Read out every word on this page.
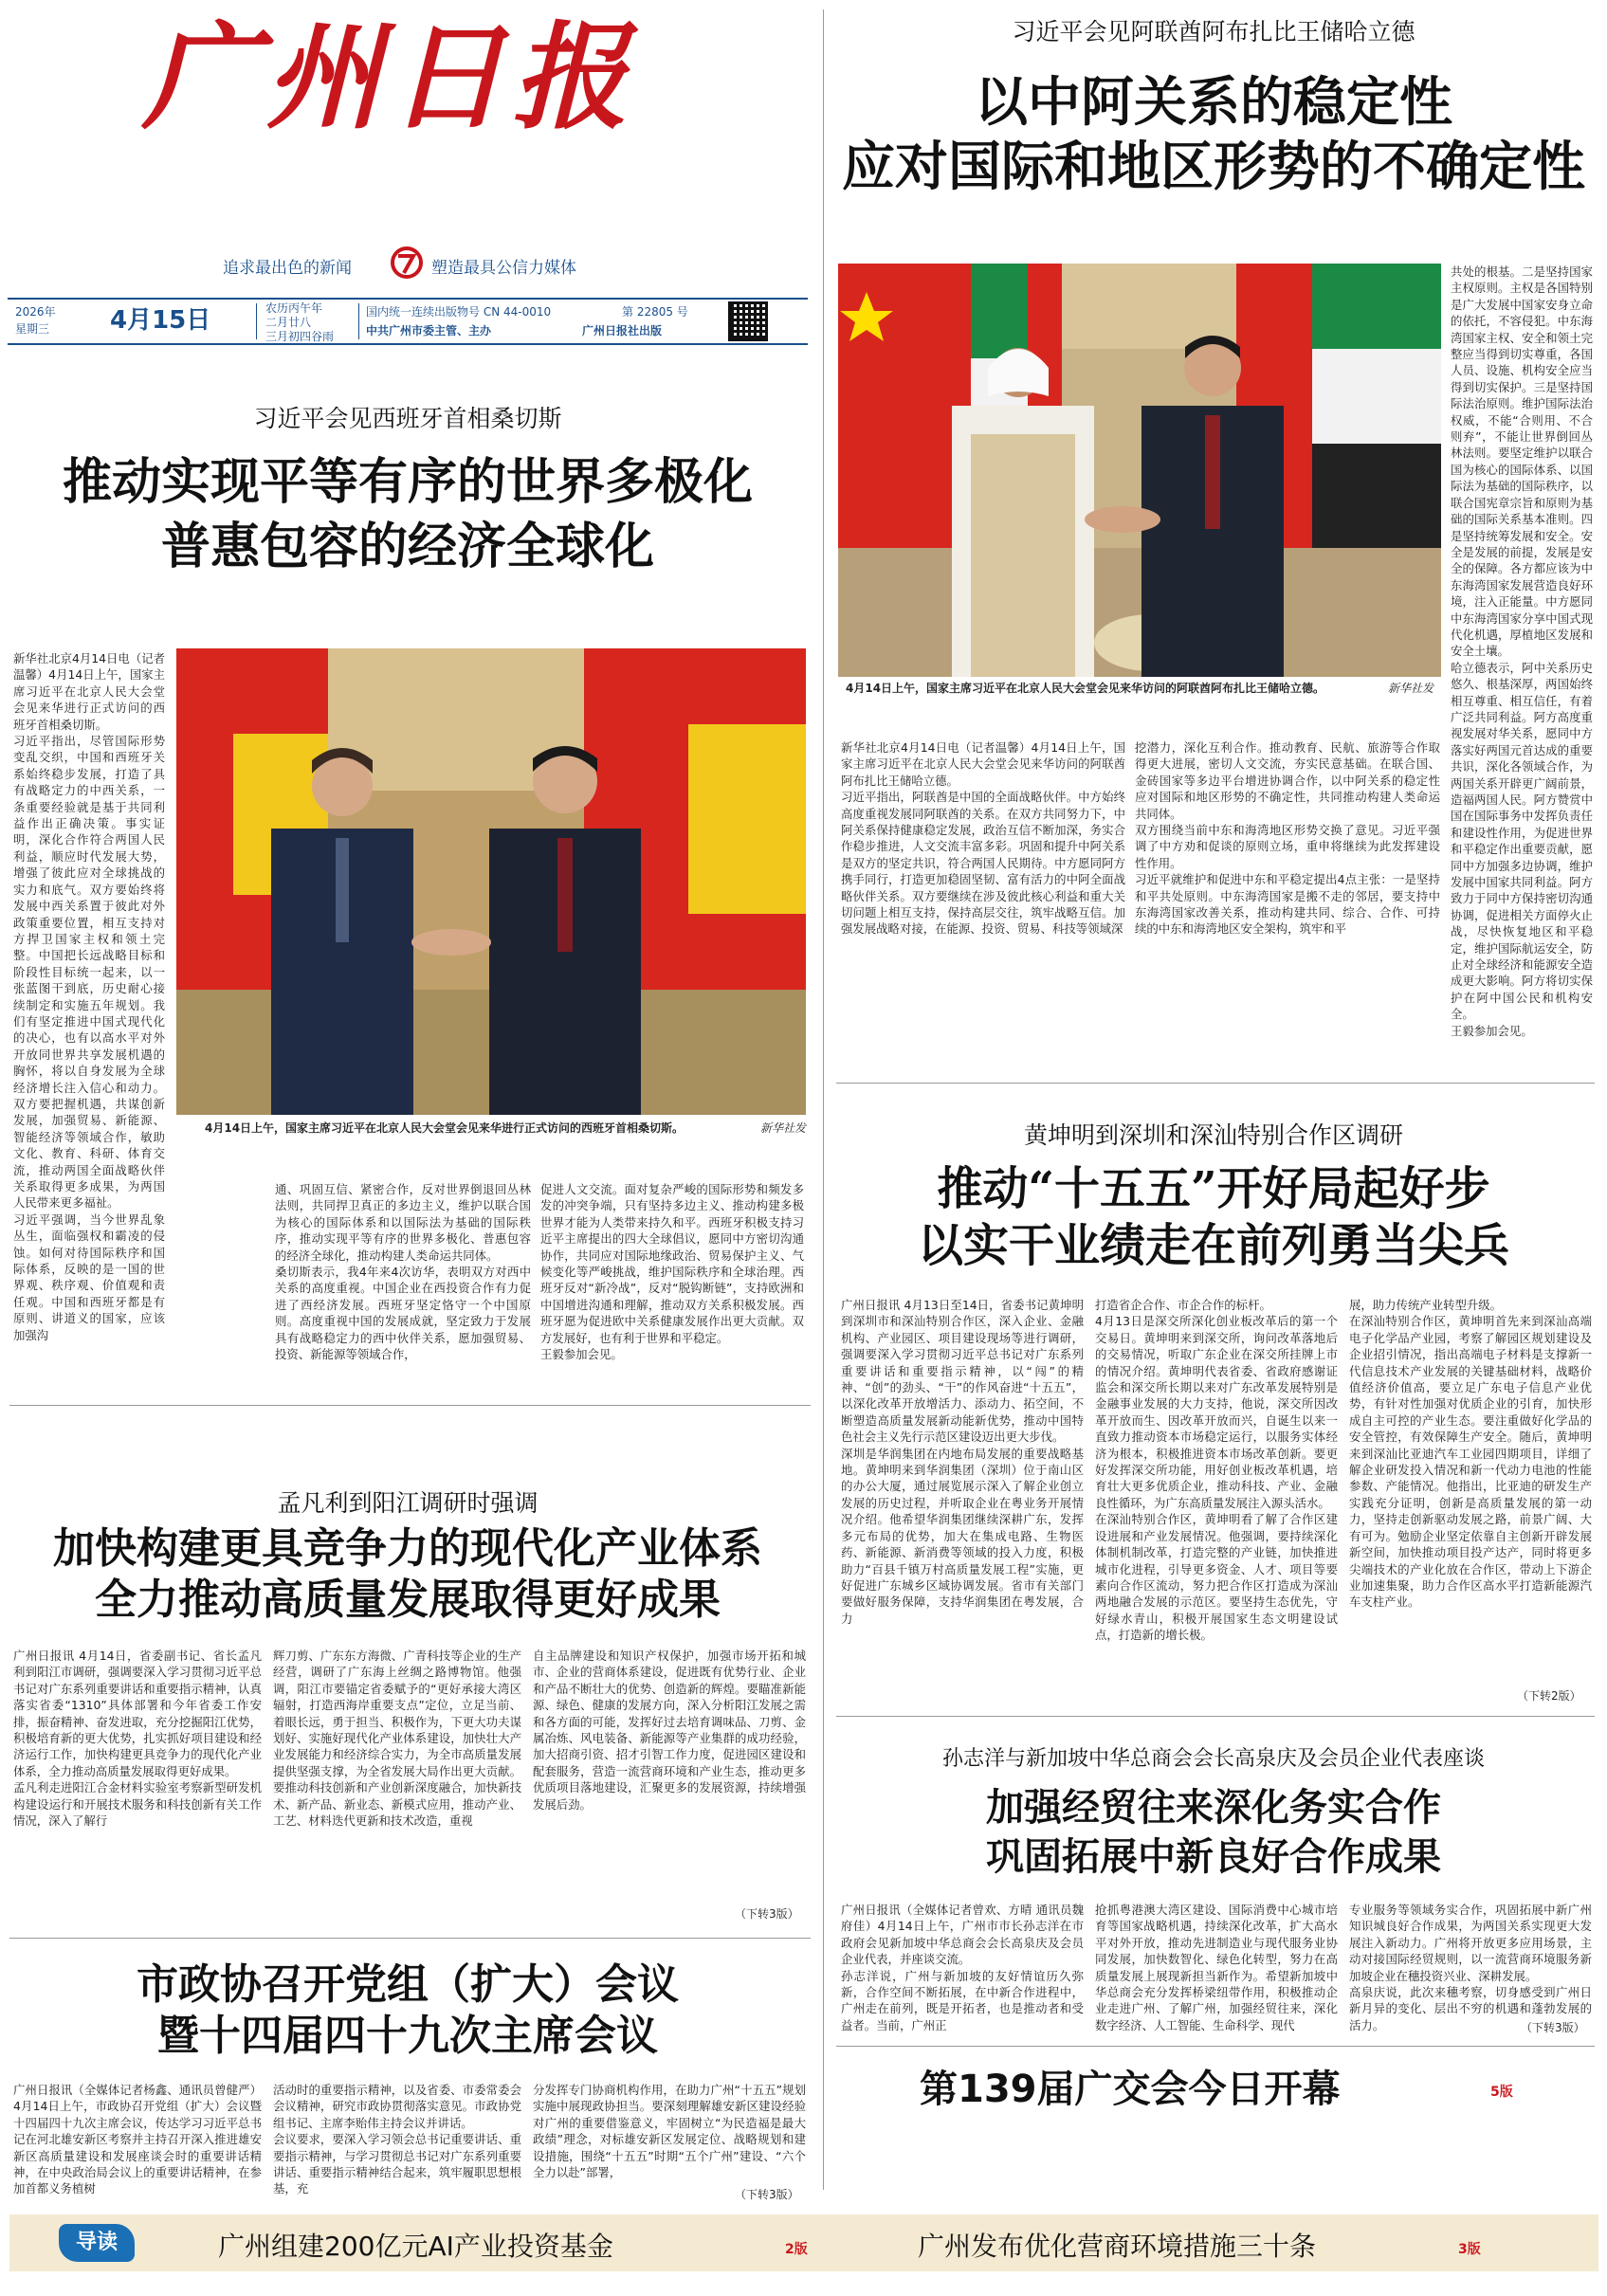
广州日报
追求最出色的新闻	塑造最具公信力媒体
2026年
星期三 4月15日	农历丙午年
二月廿八
三月初四谷雨
国内统一连续出版物号 CN 44-0010	第 22805 号
中共广州市委主管、主办	广州日报社出版
习近平会见阿联酋阿布扎比王储哈立德
以中阿关系的稳定性
应对国际和地区形势的不确定性
4月14日上午，国家主席习近平在北京人民大会堂会见来华访问的阿联酋阿布扎比王储哈立德。	新华社发
共处的根基。二是坚持国家主权原则。主权是各国特别是广大发展中国家安身立命的依托，不容侵犯。中东海湾国家主权、安全和领土完整应当得到切实尊重，各国人员、设施、机构安全应当得到切实保护。三是坚持国际法治原则。维护国际法治权威，不能“合则用、不合则弃”，不能让世界倒回丛林法则。要坚定维护以联合国为核心的国际体系、以国际法为基础的国际秩序，以联合国宪章宗旨和原则为基础的国际关系基本准则。四是坚持统筹发展和安全。安全是发展的前提，发展是安全的保障。各方都应该为中东海湾国家发展营造良好环境，注入正能量。中方愿同中东海湾国家分享中国式现代化机遇，厚植地区发展和安全土壤。
哈立德表示，阿中关系历史悠久、根基深厚，两国始终相互尊重、相互信任，有着广泛共同利益。阿方高度重视发展对华关系，愿同中方落实好两国元首达成的重要共识，深化各领域合作，为两国关系开辟更广阔前景，造福两国人民。阿方赞赏中国在国际事务中发挥负责任和建设性作用，为促进世界和平稳定作出重要贡献，愿同中方加强多边协调，维护发展中国家共同利益。阿方致力于同中方保持密切沟通协调，促进相关方面停火止战，尽快恢复地区和平稳定，维护国际航运安全，防止对全球经济和能源安全造成更大影响。阿方将切实保护在阿中国公民和机构安全。
王毅参加会见。
新华社北京4月14日电（记者温馨）4月14日上午，国家主席习近平在北京人民大会堂会见来华访问的阿联酋阿布扎比王储哈立德。
习近平指出，阿联酋是中国的全面战略伙伴。中方始终高度重视发展同阿联酋的关系。在双方共同努力下，中阿关系保持健康稳定发展，政治互信不断加深，务实合作稳步推进，人文交流丰富多彩。巩固和提升中阿关系是双方的坚定共识，符合两国人民期待。中方愿同阿方携手同行，打造更加稳固坚韧、富有活力的中阿全面战略伙伴关系。双方要继续在涉及彼此核心利益和重大关切问题上相互支持，保持高层交往，筑牢战略互信。加强发展战略对接，在能源、投资、贸易、科技等领域深
挖潜力，深化互利合作。推动教育、民航、旅游等合作取得更大进展，密切人文交流，夯实民意基础。在联合国、金砖国家等多边平台增进协调合作，以中阿关系的稳定性应对国际和地区形势的不确定性，共同推动构建人类命运共同体。
双方围绕当前中东和海湾地区形势交换了意见。习近平强调了中方劝和促谈的原则立场，重申将继续为此发挥建设性作用。
习近平就维护和促进中东和平稳定提出4点主张：一是坚持和平共处原则。中东海湾国家是搬不走的邻居，要支持中东海湾国家改善关系，推动构建共同、综合、合作、可持续的中东和海湾地区安全架构，筑牢和平
黄坤明到深圳和深汕特别合作区调研
推动“十五五”开好局起好步
以实干业绩走在前列勇当尖兵
广州日报讯 4月13日至14日，省委书记黄坤明到深圳市和深汕特别合作区，深入企业、金融机构、产业园区、项目建设现场等进行调研，强调要深入学习贯彻习近平总书记对广东系列重要讲话和重要指示精神，以“闯”的精神、“创”的劲头、“干”的作风奋进“十五五”，以深化改革开放增活力、添动力、拓空间，不断塑造高质量发展新动能新优势，推动中国特色社会主义先行示范区建设迈出更大步伐。
深圳是华润集团在内地布局发展的重要战略基地。黄坤明来到华润集团（深圳）位于南山区的办公大厦，通过展览展示深入了解企业创立发展的历史过程，并听取企业在粤业务开展情况介绍。他希望华润集团继续深耕广东，发挥多元布局的优势，加大在集成电路、生物医药、新能源、新消费等领域的投入力度，积极助力“百县千镇万村高质量发展工程”实施，更好促进广东城乡区域协调发展。省市有关部门要做好服务保障，支持华润集团在粤发展，合力
打造省企合作、市企合作的标杆。
4月13日是深交所深化创业板改革后的第一个交易日。黄坤明来到深交所，询问改革落地后的交易情况，听取广东企业在深交所挂牌上市的情况介绍。黄坤明代表省委、省政府感谢证监会和深交所长期以来对广东改革发展特别是金融事业发展的大力支持，他说，深交所因改革开放而生、因改革开放而兴，自诞生以来一直致力推动资本市场稳定运行，以服务实体经济为根本，积极推进资本市场改革创新。要更好发挥深交所功能，用好创业板改革机遇，培育壮大更多优质企业，推动科技、产业、金融良性循环，为广东高质量发展注入源头活水。
在深汕特别合作区，黄坤明看了解了合作区建设进展和产业发展情况。他强调，要持续深化体制机制改革，打造完整的产业链，加快推进城市化进程，引导更多资金、人才、项目等要素向合作区流动，努力把合作区打造成为深汕两地融合发展的示范区。要坚持生态优先，守好绿水青山，积极开展国家生态文明建设试点，打造新的增长极。
展，助力传统产业转型升级。
在深汕特别合作区，黄坤明首先来到深汕高端电子化学品产业园，考察了解园区规划建设及企业招引情况，指出高端电子材料是支撑新一代信息技术产业发展的关键基础材料，战略价值经济价值高，要立足广东电子信息产业优势，有针对性加强对优质企业的引育，加快形成自主可控的产业生态。要注重做好化学品的安全管控，有效保障生产安全。随后，黄坤明来到深汕比亚迪汽车工业园四期项目，详细了解企业研发投入情况和新一代动力电池的性能参数、产能情况。他指出，比亚迪的研发生产实践充分证明，创新是高质量发展的第一动力，坚持走创新驱动发展之路，前景广阔、大有可为。勉励企业坚定依靠自主创新开辟发展新空间，加快推动项目投产达产，同时将更多尖端技术的产业化放在合作区，带动上下游企业加速集聚，助力合作区高水平打造新能源汽车支柱产业。
（下转2版）
孙志洋与新加坡中华总商会会长高泉庆及会员企业代表座谈
加强经贸往来深化务实合作
巩固拓展中新良好合作成果
广州日报讯（全媒体记者曾欢、方晴 通讯员魏府佳）4月14日上午，广州市市长孙志洋在市政府会见新加坡中华总商会会长高泉庆及会员企业代表，并座谈交流。
孙志洋说，广州与新加坡的友好情谊历久弥新，合作空间不断拓展，在中新合作进程中，广州走在前列，既是开拓者，也是推动者和受益者。当前，广州正
抢抓粤港澳大湾区建设、国际消费中心城市培育等国家战略机遇，持续深化改革，扩大高水平对外开放，推动先进制造业与现代服务业协同发展，加快数智化、绿色化转型，努力在高质量发展上展现新担当新作为。希望新加坡中华总商会充分发挥桥梁纽带作用，积极推动企业走进广州、了解广州，加强经贸往来，深化数字经济、人工智能、生命科学、现代
专业服务等领域务实合作，巩固拓展中新广州知识城良好合作成果，为两国关系实现更大发展注入新动力。广州将开放更多应用场景，主动对接国际经贸规则，以一流营商环境服务新加坡企业在穗投资兴业、深耕发展。
高泉庆说，此次来穗考察，切身感受到广州日新月异的变化、层出不穷的机遇和蓬勃发展的活力。	（下转3版）
第139届广交会今日开幕	5版
习近平会见西班牙首相桑切斯
推动实现平等有序的世界多极化
普惠包容的经济全球化
新华社北京4月14日电（记者温馨）4月14日上午，国家主席习近平在北京人民大会堂会见来华进行正式访问的西班牙首相桑切斯。
习近平指出，尽管国际形势变乱交织，中国和西班牙关系始终稳步发展，打造了具有战略定力的中西关系，一条重要经验就是基于共同利益作出正确决策。事实证明，深化合作符合两国人民利益，顺应时代发展大势，增强了彼此应对全球挑战的实力和底气。双方要始终将发展中西关系置于彼此对外政策重要位置，相互支持对方捍卫国家主权和领土完整。中国把长远战略目标和阶段性目标统一起来，以一张蓝图干到底，历史耐心接续制定和实施五年规划。我们有坚定推进中国式现代化的决心，也有以高水平对外开放同世界共享发展机遇的胸怀，将以自身发展为全球经济增长注入信心和动力。双方要把握机遇，共谋创新发展，加强贸易、新能源、智能经济等领域合作，敏助文化、教育、科研、体育交流，推动两国全面战略伙伴关系取得更多成果，为两国人民带来更多福祉。
习近平强调，当今世界乱象丛生，面临强权和霸凌的侵蚀。如何对待国际秩序和国际体系，反映的是一国的世界观、秩序观、价值观和责任观。中国和西班牙都是有原则、讲道义的国家，应该加强沟
4月14日上午，国家主席习近平在北京人民大会堂会见来华进行正式访问的西班牙首相桑切斯。	新华社发
通、巩固互信、紧密合作，反对世界倒退回丛林法则，共同捍卫真正的多边主义，维护以联合国为核心的国际体系和以国际法为基础的国际秩序，推动实现平等有序的世界多极化、普惠包容的经济全球化，推动构建人类命运共同体。
桑切斯表示，我4年来4次访华，表明双方对西中关系的高度重视。中国企业在西投资合作有力促进了西经济发展。西班牙坚定恪守一个中国原则。高度重视中国的发展成就，坚定致力于发展具有战略稳定力的西中伙伴关系，愿加强贸易、投资、新能源等领域合作，
促进人文交流。面对复杂严峻的国际形势和频发多发的冲突争端，只有坚持多边主义、推动构建多极世界才能为人类带来持久和平。西班牙积极支持习近平主席提出的四大全球倡议，愿同中方密切沟通协作，共同应对国际地缘政治、贸易保护主义、气候变化等严峻挑战，维护国际秩序和全球治理。西班牙反对“新冷战”，反对“脱钩断链”，支持欧洲和中国增进沟通和理解，推动双方关系积极发展。西班牙愿为促进欧中关系健康发展作出更大贡献。双方发展好，也有利于世界和平稳定。
王毅参加会见。
孟凡利到阳江调研时强调
加快构建更具竞争力的现代化产业体系
全力推动高质量发展取得更好成果
广州日报讯 4月14日，省委副书记、省长孟凡利到阳江市调研，强调要深入学习贯彻习近平总书记对广东系列重要讲话和重要指示精神，认真落实省委“1310”具体部署和今年省委工作安排，振奋精神、奋发进取，充分挖掘阳江优势，积极培育新的更大优势，扎实抓好项目建设和经济运行工作，加快构建更具竞争力的现代化产业体系，全力推动高质量发展取得更好成果。
孟凡利走进阳江合金材料实验室考察新型研发机构建设运行和开展技术服务和科技创新有关工作情况，深入了解行
辉刀剪、广东东方海微、广青科技等企业的生产经营，调研了广东海上丝绸之路博物馆。他强调，阳江市要锚定省委赋予的“更好承接大湾区辐射，打造西海岸重要支点”定位，立足当前、着眼长远，勇于担当、积极作为，下更大功夫谋划好、实施好现代化产业体系建设，加快壮大产业发展能力和经济综合实力，为全市高质量发展提供坚强支撑，为全省发展大局作出更大贡献。要推动科技创新和产业创新深度融合，加快新技术、新产品、新业态、新模式应用，推动产业、工艺、材料迭代更新和技术改造，重视
自主品牌建设和知识产权保护，加强市场开拓和城市、企业的营商体系建设，促进既有优势行业、企业和产品不断壮大的优势、创造新的辉煌。要瞄准新能源、绿色、健康的发展方向，深入分析阳江发展之需和各方面的可能，发挥好过去培育调味品、刀剪、金属冶炼、风电装备、新能源等产业集群的成功经验，加大招商引资、招才引智工作力度，促进园区建设和配套服务，营造一流营商环境和产业生态，推动更多优质项目落地建设，汇聚更多的发展资源，持续增强发展后劲。
（下转3版）
市政协召开党组（扩大）会议
暨十四届四十九次主席会议
广州日报讯（全媒体记者杨鑫、通讯员曾健严）4月14日上午，市政协召开党组（扩大）会议暨十四届四十九次主席会议，传达学习习近平总书记在河北雄安新区考察并主持召开深入推进雄安新区高质量建设和发展座谈会时的重要讲话精神，在中央政治局会议上的重要讲话精神，在参加首都义务植树
活动时的重要指示精神，以及省委、市委常委会会议精神，研究市政协贯彻落实意见。市政协党组书记、主席李贻伟主持会议并讲话。
会议要求，要深入学习领会总书记重要讲话、重要指示精神，与学习贯彻总书记对广东系列重要讲话、重要指示精神结合起来，筑牢履职思想根基，充
分发挥专门协商机构作用，在助力广州“十五五”规划实施中展现政协担当。要深刻理解雄安新区建设经验对广州的重要借鉴意义，牢固树立“为民造福是最大政绩”理念，对标雄安新区发展定位、战略规划和建设措施，围绕“十五五”时期“五个广州”建设、“六个全力以赴”部署，
（下转3版）
导读	广州组建200亿元AI产业投资基金	2版	广州发布优化营商环境措施三十条	3版
